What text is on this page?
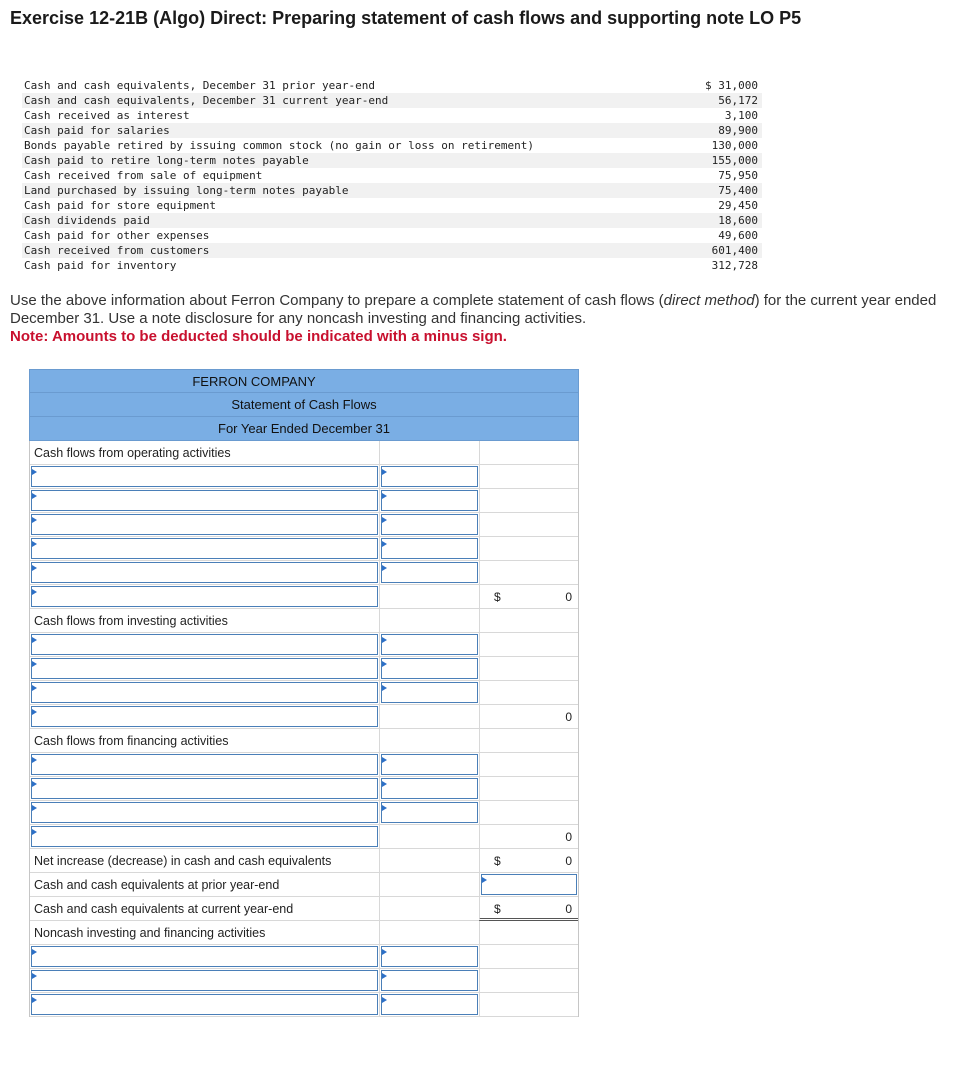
Exercise 12-21B (Algo) Direct: Preparing statement of cash flows and supporting note LO P5
Cash and cash equivalents, December 31 prior year-end	$ 31,000
Cash and cash equivalents, December 31 current year-end	56,172
Cash received as interest	3,100
Cash paid for salaries	89,900
Bonds payable retired by issuing common stock (no gain or loss on retirement)	130,000
Cash paid to retire long-term notes payable	155,000
Cash received from sale of equipment	75,950
Land purchased by issuing long-term notes payable	75,400
Cash paid for store equipment	29,450
Cash dividends paid	18,600
Cash paid for other expenses	49,600
Cash received from customers	601,400
Cash paid for inventory	312,728
Use the above information about Ferron Company to prepare a complete statement of cash flows (direct method) for the current year ended December 31. Use a note disclosure for any noncash investing and financing activities.
Note: Amounts to be deducted should be indicated with a minus sign.
FERRON COMPANY
Statement of Cash Flows
For Year Ended December 31
Cash flows from operating activities
$	0
Cash flows from investing activities
0
Cash flows from financing activities
0
Net increase (decrease) in cash and cash equivalents	$	0
Cash and cash equivalents at prior year-end
Cash and cash equivalents at current year-end	$	0
Noncash investing and financing activities
